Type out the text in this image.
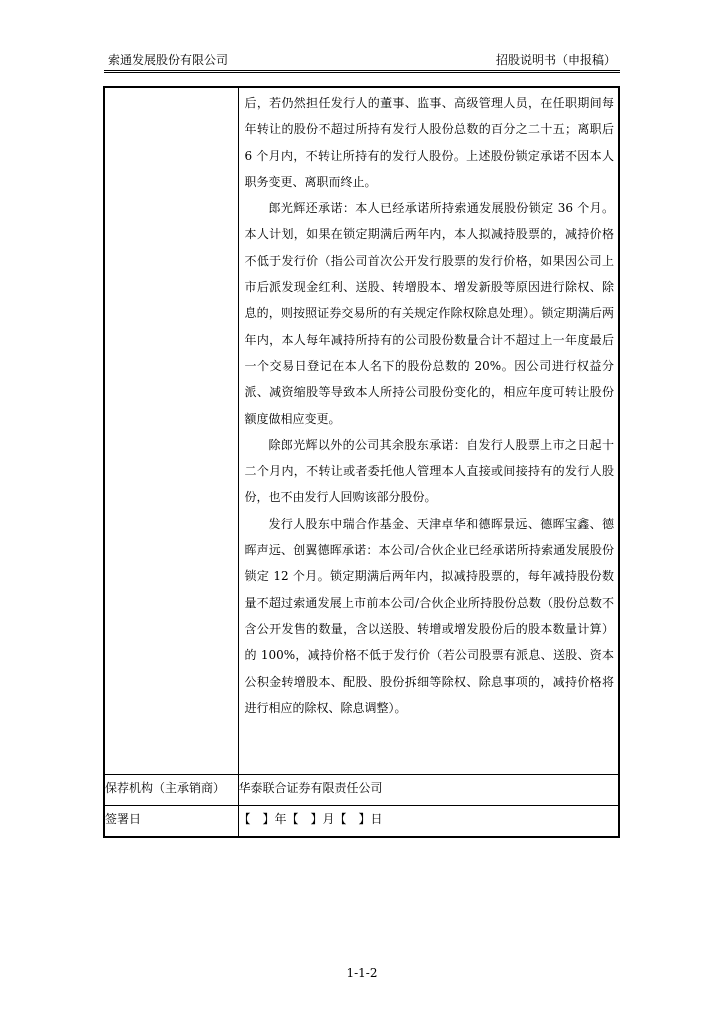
索通发展股份有限公司	招股说明书（申报稿）

	后，若仍然担任发行人的董事、监事、高级管理人员，在任职期间每年转让的股份不超过所持有发行人股份总数的百分之二十五；离职后 6 个月内，不转让所持有的发行人股份。上述股份锁定承诺不因本人职务变更、离职而终止。

郎光辉还承诺：本人已经承诺所持索通发展股份锁定 36 个月。本人计划，如果在锁定期满后两年内，本人拟减持股票的，减持价格不低于发行价（指公司首次公开发行股票的发行价格，如果因公司上市后派发现金红利、送股、转增股本、增发新股等原因进行除权、除息的，则按照证券交易所的有关规定作除权除息处理）。锁定期满后两年内，本人每年减持所持有的公司股份数量合计不超过上一年度最后一个交易日登记在本人名下的股份总数的 20%。因公司进行权益分派、减资缩股等导致本人所持公司股份变化的，相应年度可转让股份额度做相应变更。

除郎光辉以外的公司其余股东承诺：自发行人股票上市之日起十二个月内，不转让或者委托他人管理本人直接或间接持有的发行人股份，也不由发行人回购该部分股份。

发行人股东中瑞合作基金、天津卓华和德晖景远、德晖宝鑫、德晖声远、创翼德晖承诺：本公司/合伙企业已经承诺所持索通发展股份锁定 12 个月。锁定期满后两年内，拟减持股票的，每年减持股份数量不超过索通发展上市前本公司/合伙企业所持股份总数（股份总数不含公开发售的数量，含以送股、转增或增发股份后的股本数量计算）的 100%，减持价格不低于发行价（若公司股票有派息、送股、资本公积金转增股本、配股、股份拆细等除权、除息事项的，减持价格将进行相应的除权、除息调整）。

保荐机构（主承销商）	华泰联合证券有限责任公司
签署日	【　】年【　】月【　】日
1-1-2
